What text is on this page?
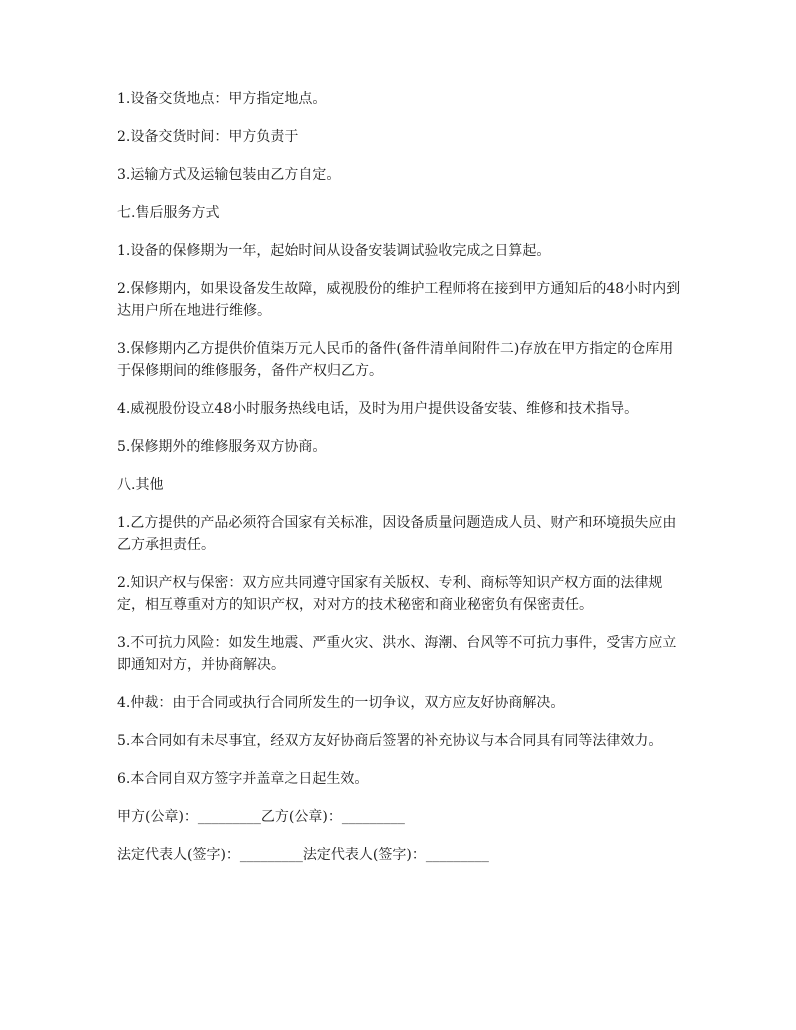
1.设备交货地点：甲方指定地点。

2.设备交货时间：甲方负责于

3.运输方式及运输包装由乙方自定。

七.售后服务方式

1.设备的保修期为一年，起始时间从设备安装调试验收完成之日算起。

2.保修期内，如果设备发生故障，威视股份的维护工程师将在接到甲方通知后的48小时内到达用户所在地进行维修。

3.保修期内乙方提供价值柒万元人民币的备件(备件清单间附件二)存放在甲方指定的仓库用于保修期间的维修服务，备件产权归乙方。

4.威视股份设立48小时服务热线电话，及时为用户提供设备安装、维修和技术指导。

5.保修期外的维修服务双方协商。

八.其他

1.乙方提供的产品必须符合国家有关标准，因设备质量问题造成人员、财产和环境损失应由乙方承担责任。

2.知识产权与保密：双方应共同遵守国家有关版权、专利、商标等知识产权方面的法律规定，相互尊重对方的知识产权，对对方的技术秘密和商业秘密负有保密责任。

3.不可抗力风险：如发生地震、严重火灾、洪水、海潮、台风等不可抗力事件，受害方应立即通知对方，并协商解决。

4.仲裁：由于合同或执行合同所发生的一切争议，双方应友好协商解决。

5.本合同如有未尽事宜，经双方友好协商后签署的补充协议与本合同具有同等法律效力。

6.本合同自双方签字并盖章之日起生效。

甲方(公章)：_________乙方(公章)：_________

法定代表人(签字)：_________法定代表人(签字)：_________
